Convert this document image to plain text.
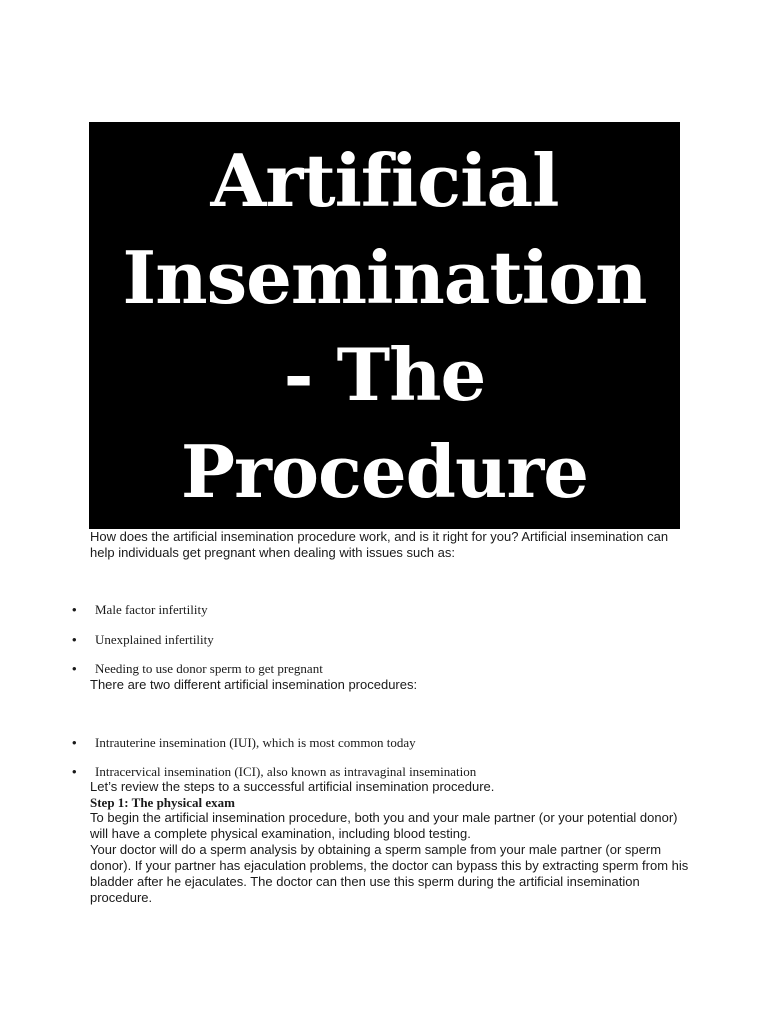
Artificial
Insemination
- The
Procedure

How does the artificial insemination procedure work, and is it right for you? Artificial insemination can help individuals get pregnant when dealing with issues such as:

•	Male factor infertility
•	Unexplained infertility
•	Needing to use donor sperm to get pregnant

There are two different artificial insemination procedures:

•	Intrauterine insemination (IUI), which is most common today
•	Intracervical insemination (ICI), also known as intravaginal insemination

Let’s review the steps to a successful artificial insemination procedure.

Step 1: The physical exam

To begin the artificial insemination procedure, both you and your male partner (or your potential donor) will have a complete physical examination, including blood testing.

Your doctor will do a sperm analysis by obtaining a sperm sample from your male partner (or sperm donor). If your partner has ejaculation problems, the doctor can bypass this by extracting sperm from his bladder after he ejaculates. The doctor can then use this sperm during the artificial insemination procedure.
